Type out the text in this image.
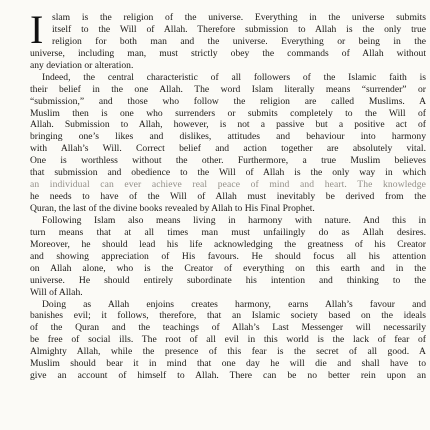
I slam is the religion of the universe. Everything in the universe submits
itself to the Will of Allah. Therefore submission to Allah is the only true
religion for both man and the universe. Everything or being in the
universe, including man, must strictly obey the commands of Allah without
any deviation or alteration.
Indeed, the central characteristic of all followers of the Islamic faith is
their belief in the one Allah. The word Islam literally means “surrender” or
“submission,” and those who follow the religion are called Muslims. A
Muslim then is one who surrenders or submits completely to the Will of
Allah. Submission to Allah, however, is not a passive but a positive act of
bringing one’s likes and dislikes, attitudes and behaviour into harmony
with Allah’s Will. Correct belief and action together are absolutely vital.
One is worthless without the other. Furthermore, a true Muslim believes
that submission and obedience to the Will of Allah is the only way in which
an individual can ever achieve real peace of mind and heart. The knowledge
he needs to have of the Will of Allah must inevitably be derived from the
Quran, the last of the divine books revealed by Allah to His Final Prophet.
Following Islam also means living in harmony with nature. And this in
turn means that at all times man must unfailingly do as Allah desires.
Moreover, he should lead his life acknowledging the greatness of his Creator
and showing appreciation of His favours. He should focus all his attention
on Allah alone, who is the Creator of everything on this earth and in the
universe. He should entirely subordinate his intention and thinking to the
Will of Allah.
Doing as Allah enjoins creates harmony, earns Allah’s favour and
banishes evil; it follows, therefore, that an Islamic society based on the ideals
of the Quran and the teachings of Allah’s Last Messenger will necessarily
be free of social ills. The root of all evil in this world is the lack of fear of
Almighty Allah, while the presence of this fear is the secret of all good. A
Muslim should bear it in mind that one day he will die and shall have to
give an account of himself to Allah. There can be no better rein upon an
